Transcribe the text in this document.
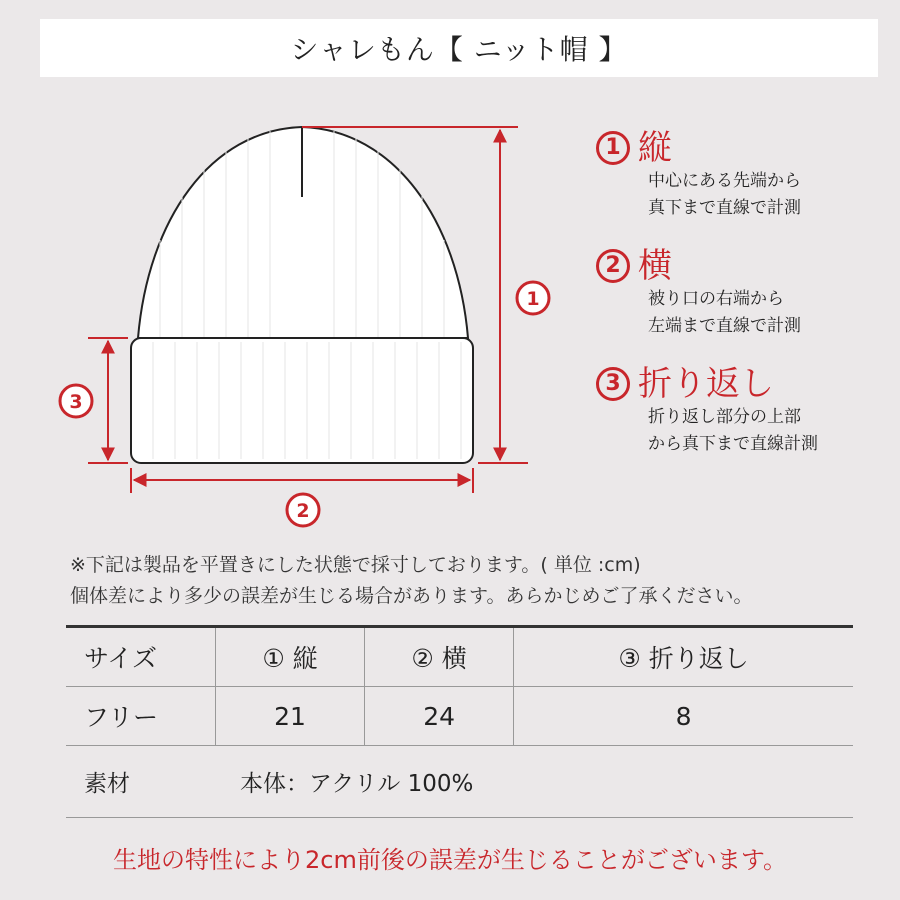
シャレもん【 ニット帽 】
1
3
2
1 縦
中心にある先端から
真下まで直線で計測
2 横
被り口の右端から
左端まで直線で計測
3 折り返し
折り返し部分の上部
から真下まで直線計測
※下記は製品を平置きにした状態で採寸しております。( 単位 :cm)
個体差により多少の誤差が生じる場合があります。あらかじめご了承ください。
サイズ	① 縦	② 横	③ 折り返し
フリー	21	24	8
素材	本体：アクリル 100%
生地の特性により2cm前後の誤差が生じることがございます。
